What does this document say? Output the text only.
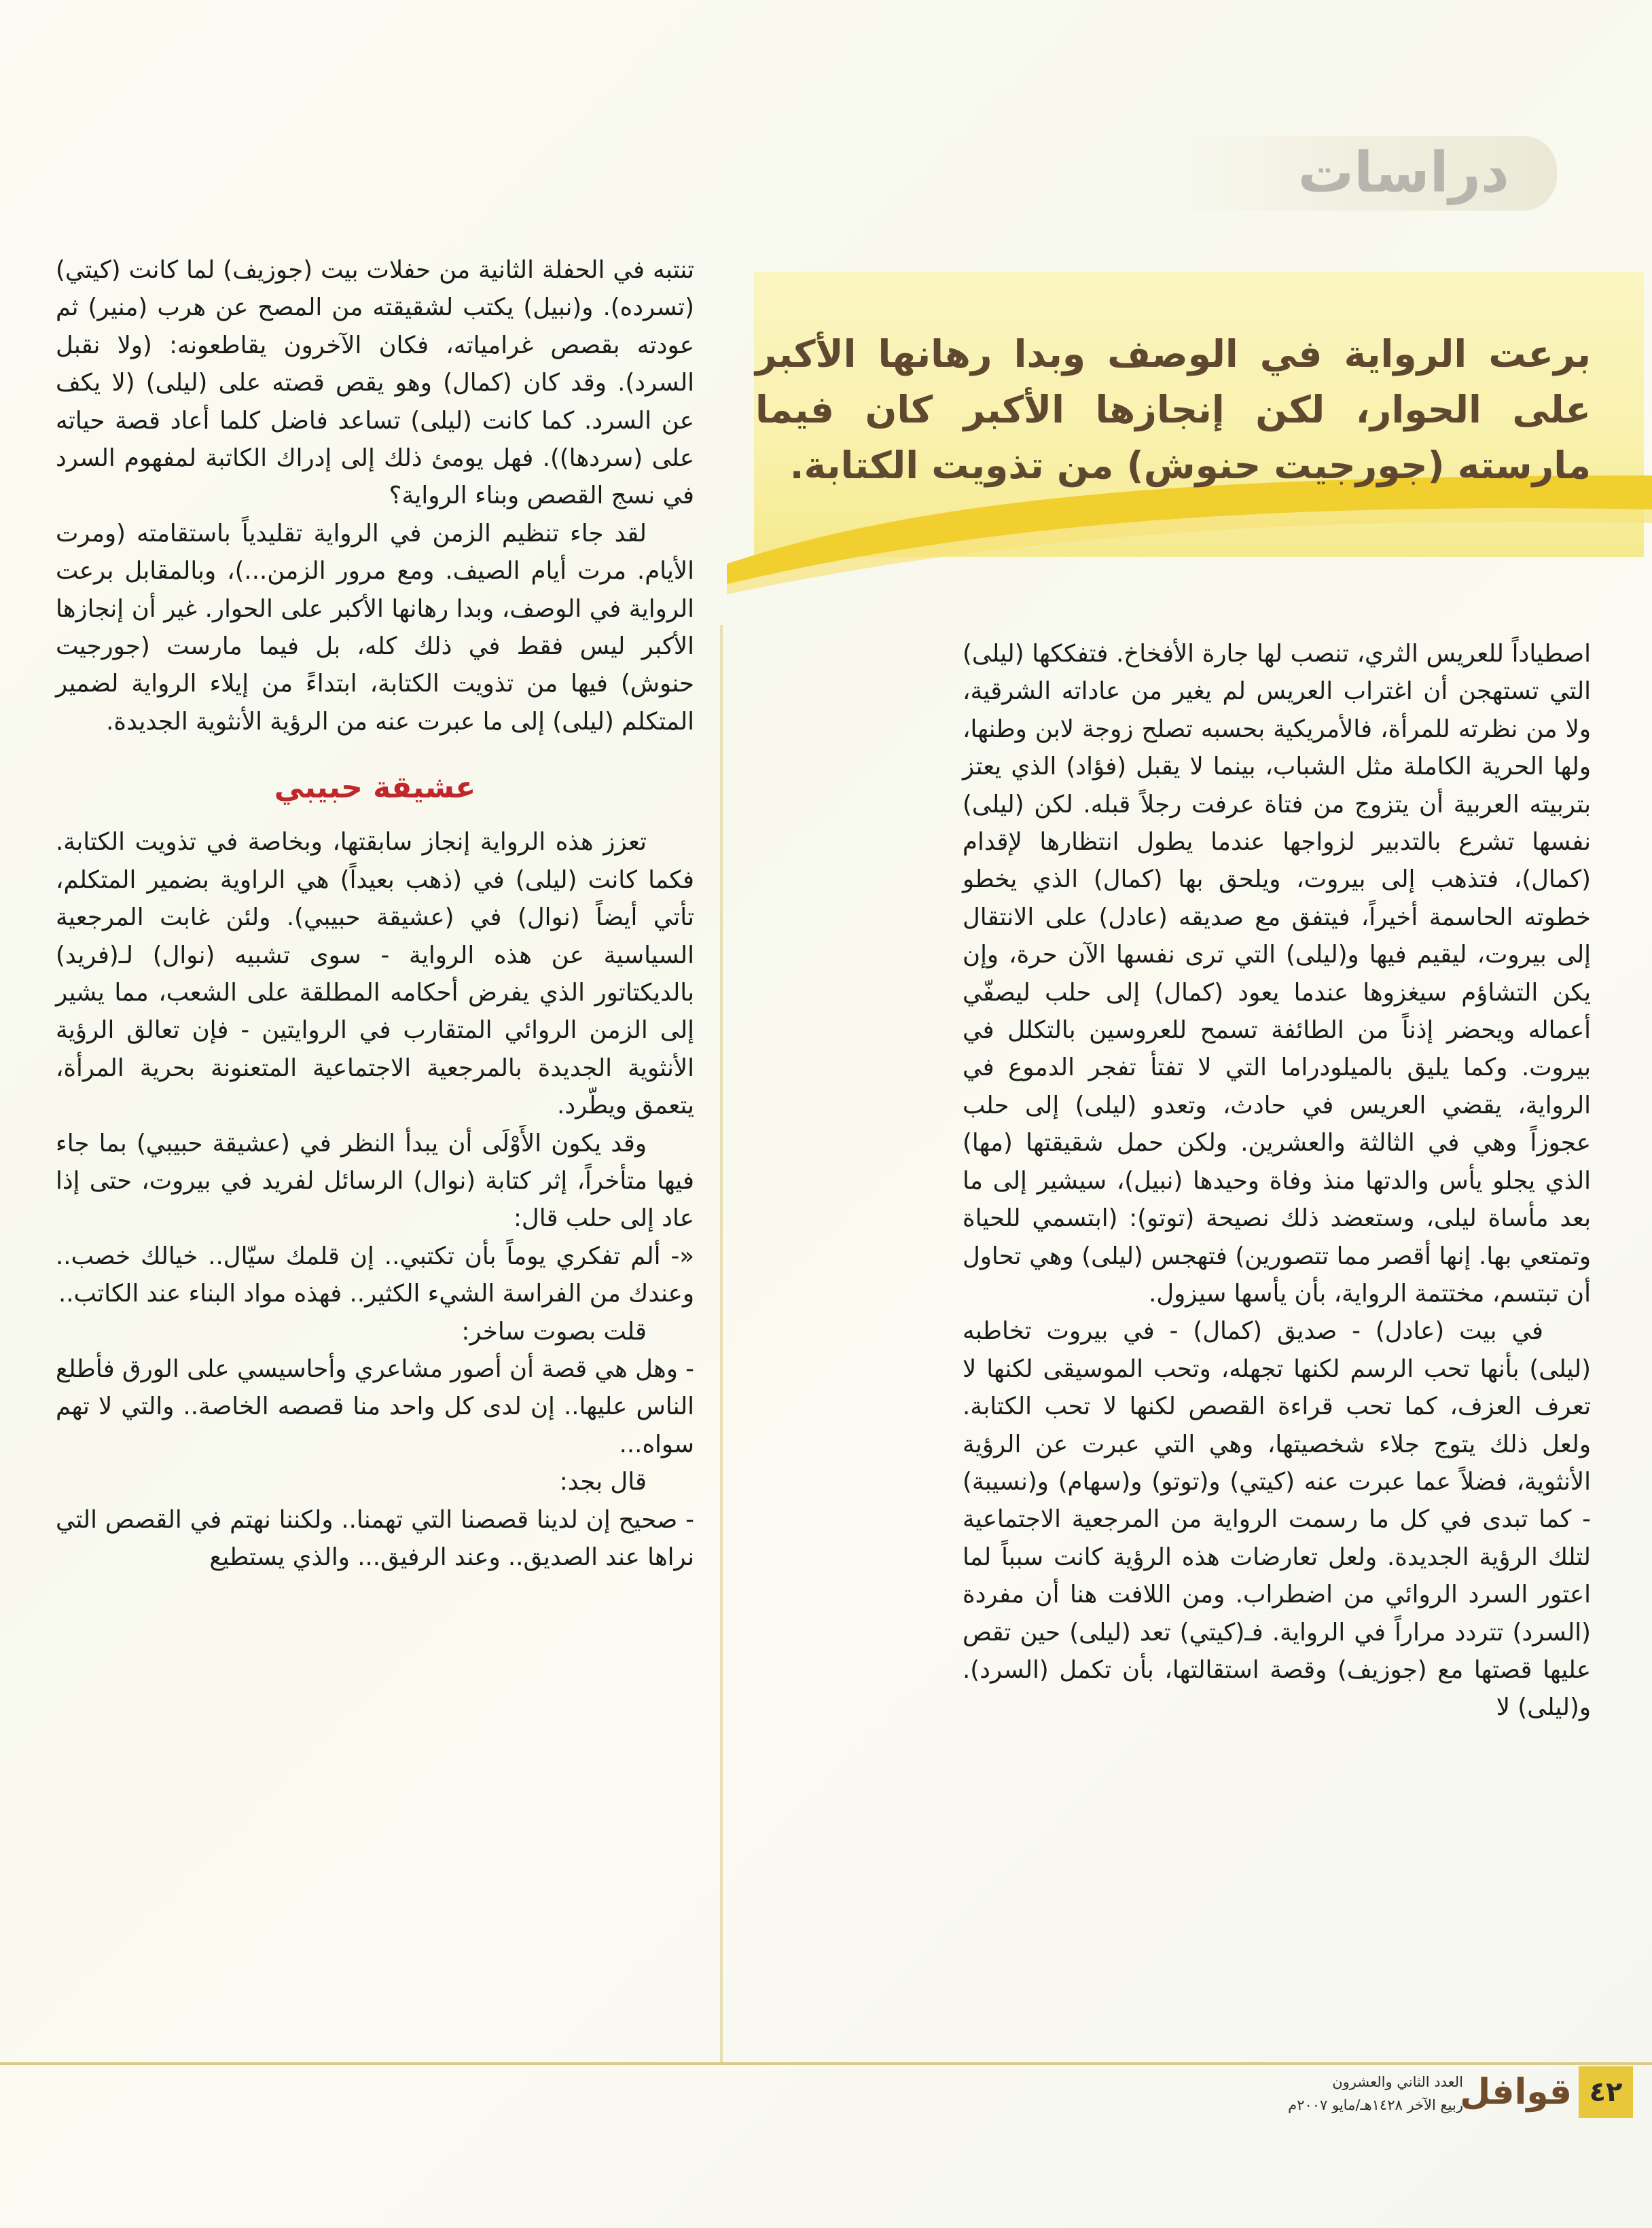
دراسات
برعت الرواية في الوصف وبدا رهانها الأكبر على الحوار، لكن إنجازها الأكبر كان فيما مارسته (جورجيت حنوش) من تذويت الكتابة.

اصطياداً للعريس الثري، تنصب لها جارة الأفخاخ. فتفككها (ليلى) التي تستهجن أن اغتراب العريس لم يغير من عاداته الشرقية، ولا من نظرته للمرأة، فالأمريكية بحسبه تصلح زوجة لابن وطنها، ولها الحرية الكاملة مثل الشباب، بينما لا يقبل (فؤاد) الذي يعتز بتربيته العربية أن يتزوج من فتاة عرفت رجلاً قبله. لكن (ليلى) نفسها تشرع بالتدبير لزواجها عندما يطول انتظارها لإقدام (كمال)، فتذهب إلى بيروت، ويلحق بها (كمال) الذي يخطو خطوته الحاسمة أخيراً، فيتفق مع صديقه (عادل) على الانتقال إلى بيروت، ليقيم فيها و(ليلى) التي ترى نفسها الآن حرة، وإن يكن التشاؤم سيغزوها عندما يعود (كمال) إلى حلب ليصفّي أعماله ويحضر إذناً من الطائفة تسمح للعروسين بالتكلل في بيروت. وكما يليق بالميلودراما التي لا تفتأ تفجر الدموع في الرواية، يقضي العريس في حادث، وتعدو (ليلى) إلى حلب عجوزاً وهي في الثالثة والعشرين. ولكن حمل شقيقتها (مها) الذي يجلو يأس والدتها منذ وفاة وحيدها (نبيل)، سيشير إلى ما بعد مأساة ليلى، وستعضد ذلك نصيحة (توتو): (ابتسمي للحياة وتمتعي بها. إنها أقصر مما تتصورين) فتهجس (ليلى) وهي تحاول أن تبتسم، مختتمة الرواية، بأن يأسها سيزول.

في بيت (عادل) - صديق (كمال) - في بيروت تخاطبه (ليلى) بأنها تحب الرسم لكنها تجهله، وتحب الموسيقى لكنها لا تعرف العزف، كما تحب قراءة القصص لكنها لا تحب الكتابة. ولعل ذلك يتوج جلاء شخصيتها، وهي التي عبرت عن الرؤية الأنثوية، فضلاً عما عبرت عنه (كيتي) و(توتو) و(سهام) و(نسيبة) - كما تبدى في كل ما رسمت الرواية من المرجعية الاجتماعية لتلك الرؤية الجديدة. ولعل تعارضات هذه الرؤية كانت سبباً لما اعتور السرد الروائي من اضطراب. ومن اللافت هنا أن مفردة (السرد) تتردد مراراً في الرواية. فـ(كيتي) تعد (ليلى) حين تقص عليها قصتها مع (جوزيف) وقصة استقالتها، بأن تكمل (السرد). و(ليلى) لا

تنتبه في الحفلة الثانية من حفلات بيت (جوزيف) لما كانت (كيتي) (تسرده). و(نبيل) يكتب لشقيقته من المصح عن هرب (منير) ثم عودته بقصص غرامياته، فكان الآخرون يقاطعونه: (ولا نقبل السرد). وقد كان (كمال) وهو يقص قصته على (ليلى) (لا يكف عن السرد. كما كانت (ليلى) تساعد فاضل كلما أعاد قصة حياته على (سردها)). فهل يومئ ذلك إلى إدراك الكاتبة لمفهوم السرد في نسج القصص وبناء الرواية؟

لقد جاء تنظيم الزمن في الرواية تقليدياً باستقامته (ومرت الأيام. مرت أيام الصيف. ومع مرور الزمن...)، وبالمقابل برعت الرواية في الوصف، وبدا رهانها الأكبر على الحوار. غير أن إنجازها الأكبر ليس فقط في ذلك كله، بل فيما مارست (جورجيت حنوش) فيها من تذويت الكتابة، ابتداءً من إيلاء الرواية لضمير المتكلم (ليلى) إلى ما عبرت عنه من الرؤية الأنثوية الجديدة.

عشيقة حبيبي

تعزز هذه الرواية إنجاز سابقتها، وبخاصة في تذويت الكتابة. فكما كانت (ليلى) في (ذهب بعيداً) هي الراوية بضمير المتكلم، تأتي أيضاً (نوال) في (عشيقة حبيبي). ولئن غابت المرجعية السياسية عن هذه الرواية - سوى تشبيه (نوال) لـ(فريد) بالديكتاتور الذي يفرض أحكامه المطلقة على الشعب، مما يشير إلى الزمن الروائي المتقارب في الروايتين - فإن تعالق الرؤية الأنثوية الجديدة بالمرجعية الاجتماعية المتعنونة بحرية المرأة، يتعمق ويطّرد.

وقد يكون الأَوْلَى أن يبدأ النظر في (عشيقة حبيبي) بما جاء فيها متأخراً، إثر كتابة (نوال) الرسائل لفريد في بيروت، حتى إذا عاد إلى حلب قال:

«- ألم تفكري يوماً بأن تكتبي.. إن قلمك سيّال.. خيالك خصب.. وعندك من الفراسة الشيء الكثير.. فهذه مواد البناء عند الكاتب..

قلت بصوت ساخر:

- وهل هي قصة أن أصور مشاعري وأحاسيسي على الورق فأطلع الناس عليها.. إن لدى كل واحد منا قصصه الخاصة.. والتي لا تهم سواه...

قال بجد:

- صحيح إن لدينا قصصنا التي تهمنا.. ولكننا نهتم في القصص التي نراها عند الصديق.. وعند الرفيق... والذي يستطيع

٤٢
قوافل
العدد الثاني والعشرون
ربيع الآخر ١٤٢٨هـ/مايو ٢٠٠٧م
